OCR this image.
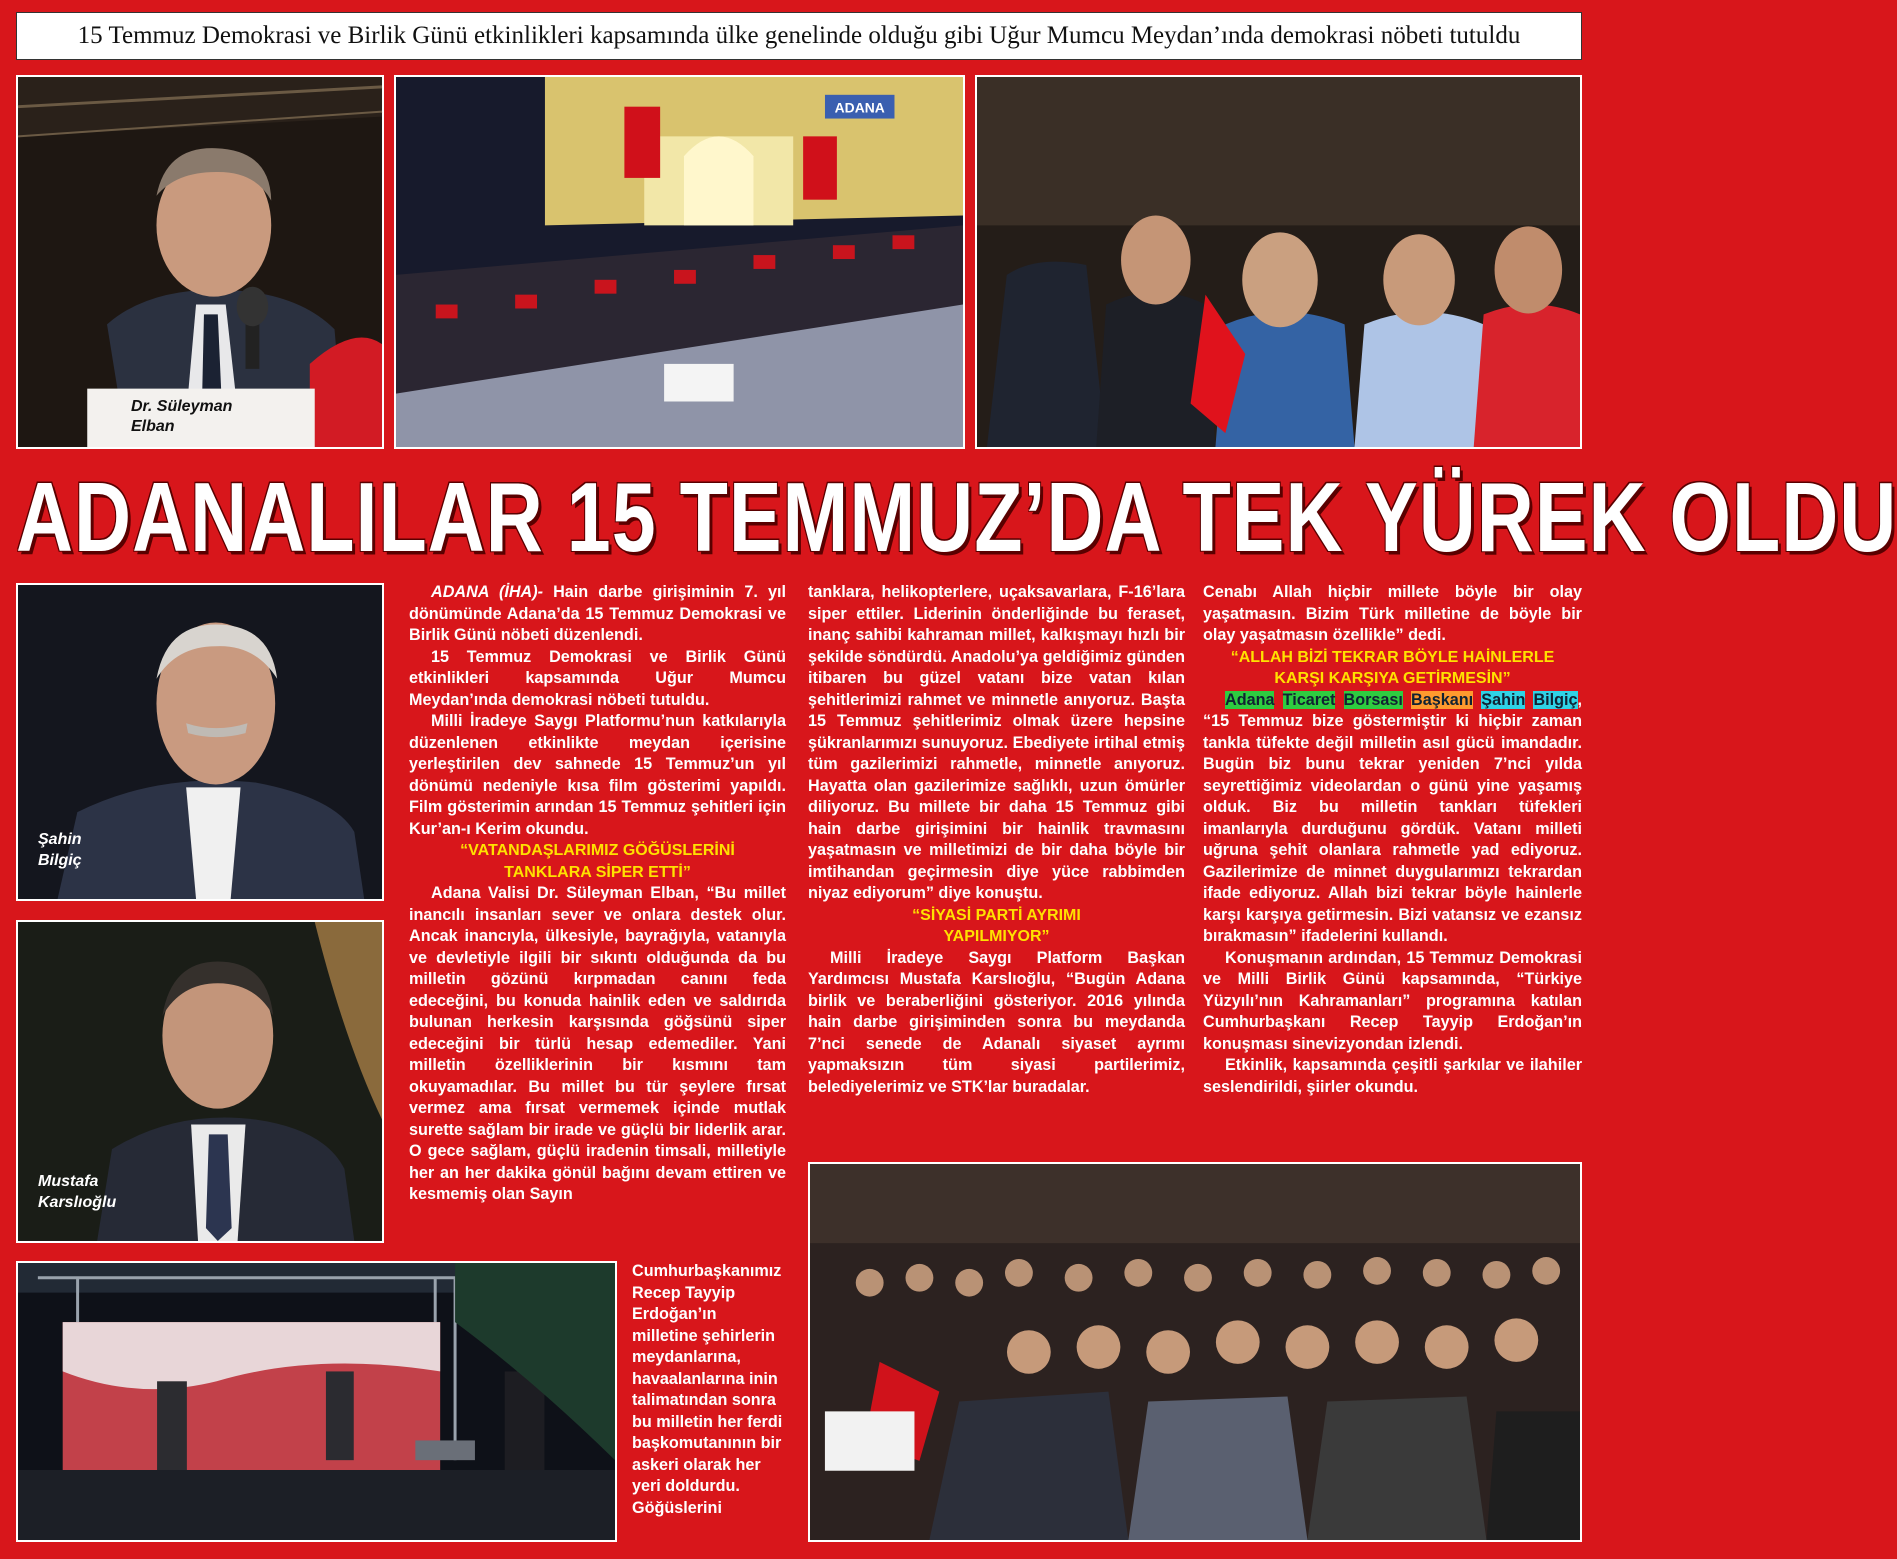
15 Temmuz Demokrasi ve Birlik Günü etkinlikleri kapsamında ülke genelinde olduğu gibi Uğur Mumcu Meydan’ında demokrasi nöbeti tutuldu
Dr. Süleyman
Elban
ADANA
ADANALILAR 15 TEMMUZ’DA TEK YÜREK OLDU
Şahin
Bilgiç
Mustafa
Karslıoğlu

ADANA (İHA)- Hain darbe girişiminin 7. yıl dönümünde Adana’da 15 Temmuz Demokrasi ve Birlik Günü nöbeti düzenlendi.

15 Temmuz Demokrasi ve Birlik Günü etkinlikleri kapsamında Uğur Mumcu Meydan’ında demokrasi nöbeti tutuldu.

Milli İradeye Saygı Platformu’nun katkılarıyla düzenlenen etkinlikte meydan içerisine yerleştirilen dev sahnede 15 Temmuz’un yıl dönümü nedeniyle kısa film gösterimi yapıldı. Film gösterimin arından 15 Temmuz şehitleri için Kur’an-ı Kerim okundu.

“VATANDAŞLARIMIZ GÖĞÜSLERİNİ

TANKLARA SİPER ETTİ”

Adana Valisi Dr. Süleyman Elban, “Bu millet inancılı insanları sever ve onlara destek olur. Ancak inancıyla, ülkesiyle, bayrağıyla, vatanıyla ve devletiyle ilgili bir sıkıntı olduğunda da bu milletin gözünü kırpmadan canını feda edeceğini, bu konuda hainlik eden ve saldırıda bulunan herkesin karşısında göğsünü siper edeceğini bir türlü hesap edemediler. Yani milletin özelliklerinin bir kısmını tam okuyamadılar. Bu millet bu tür şeylere fırsat vermez ama fırsat vermemek içinde mutlak surette sağlam bir irade ve güçlü bir liderlik arar. O gece sağlam, güçlü iradenin timsali, milletiyle her an her dakika gönül bağını devam ettiren ve kesmemiş olan Sayın

Cumhurbaşkanımız Recep Tayyip Erdoğan’ın milletine şehirlerin meydanlarına, havaalanlarına inin talimatından sonra bu milletin her ferdi başkomutanının bir askeri olarak her yeri doldurdu. Göğüslerini

tanklara, helikopterlere, uçaksavarlara, F-16’lara siper ettiler. Liderinin önderliğinde bu feraset, inanç sahibi kahraman millet, kalkışmayı hızlı bir şekilde söndürdü. Anadolu’ya geldiğimiz günden itibaren bu güzel vatanı bize vatan kılan şehitlerimizi rahmet ve minnetle anıyoruz. Başta 15 Temmuz şehitlerimiz olmak üzere hepsine şükranlarımızı sunuyoruz. Ebediyete irtihal etmiş tüm gazilerimizi rahmetle, minnetle anıyoruz. Hayatta olan gazilerimize sağlıklı, uzun ömürler diliyoruz. Bu millete bir daha 15 Temmuz gibi hain darbe girişimini bir hainlik travmasını yaşatmasın ve milletimizi de bir daha böyle bir imtihandan geçirmesin diye yüce rabbimden niyaz ediyorum” diye konuştu.

“SİYASİ PARTİ AYRIMI

YAPILMIYOR”

Milli İradeye Saygı Platform Başkan Yardımcısı Mustafa Karslıoğlu, “Bugün Adana birlik ve beraberliğini gösteriyor. 2016 yılında hain darbe girişiminden sonra bu meydanda 7’nci senede de Adanalı siyaset ayrımı yapmaksızın tüm siyasi partilerimiz, belediyelerimiz ve STK’lar buradalar.

Cenabı Allah hiçbir millete böyle bir olay yaşatmasın. Bizim Türk milletine de böyle bir olay yaşatmasın özellikle” dedi.

“ALLAH BİZİ TEKRAR BÖYLE HAİNLERLE

KARŞI KARŞIYA GETİRMESİN”

Adana Ticaret Borsası Başkanı Şahin Bilgiç, “15 Temmuz bize göstermiştir ki hiçbir zaman tankla tüfekte değil milletin asıl gücü imandadır. Bugün biz bunu tekrar yeniden 7’nci yılda seyrettiğimiz videolardan o günü yine yaşamış olduk. Biz bu milletin tankları tüfekleri imanlarıyla durduğunu gördük. Vatanı milleti uğruna şehit olanlara rahmetle yad ediyoruz. Gazilerimize de minnet duygularımızı tekrardan ifade ediyoruz. Allah bizi tekrar böyle hainlerle karşı karşıya getirmesin. Bizi vatansız ve ezansız bırakmasın” ifadelerini kullandı.

Konuşmanın ardından, 15 Temmuz Demokrasi ve Milli Birlik Günü kapsamında, “Türkiye Yüzyılı’nın Kahramanları” programına katılan Cumhurbaşkanı Recep Tayyip Erdoğan’ın konuşması sinevizyondan izlendi.

Etkinlik, kapsamında çeşitli şarkılar ve ilahiler seslendirildi, şiirler okundu.
